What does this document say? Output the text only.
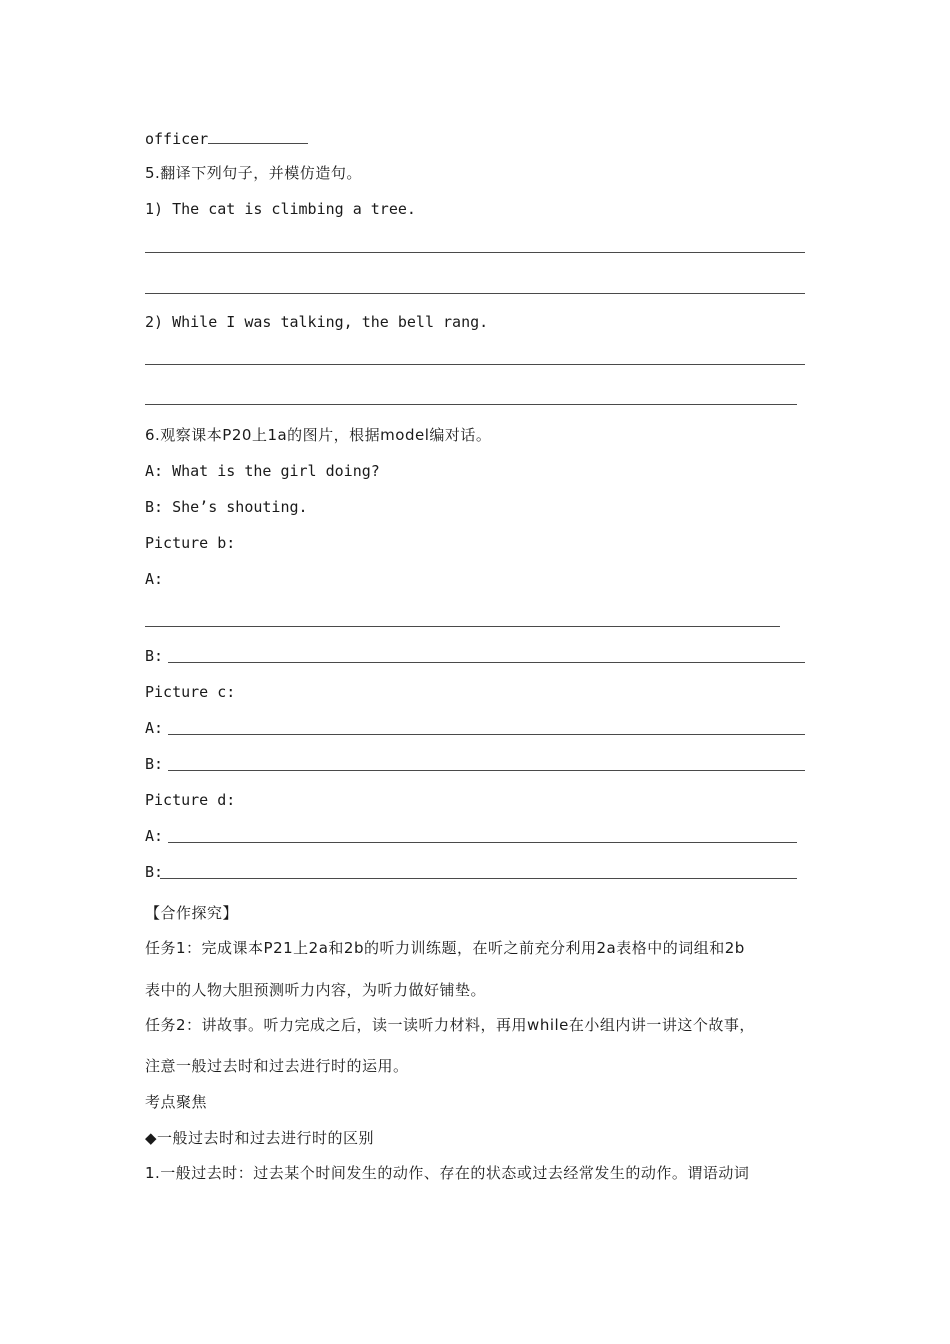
officer
5.翻译下列句子，并模仿造句。
1) The cat is climbing a tree.
2) While I was talking, the bell rang.
6.观察课本P20上1a的图片，根据model编对话。
A: What is the girl doing?
B: She’s shouting.
Picture b:
A:
B:
Picture c:
A:
B:
Picture d:
A:
B:
【合作探究】
任务1：完成课本P21上2a和2b的听力训练题，在听之前充分利用2a表格中的词组和2b
表中的人物大胆预测听力内容，为听力做好铺垫。
任务2：讲故事。听力完成之后，读一读听力材料，再用while在小组内讲一讲这个故事，
注意一般过去时和过去进行时的运用。
考点聚焦
◆一般过去时和过去进行时的区别
1.一般过去时：过去某个时间发生的动作、存在的状态或过去经常发生的动作。谓语动词
